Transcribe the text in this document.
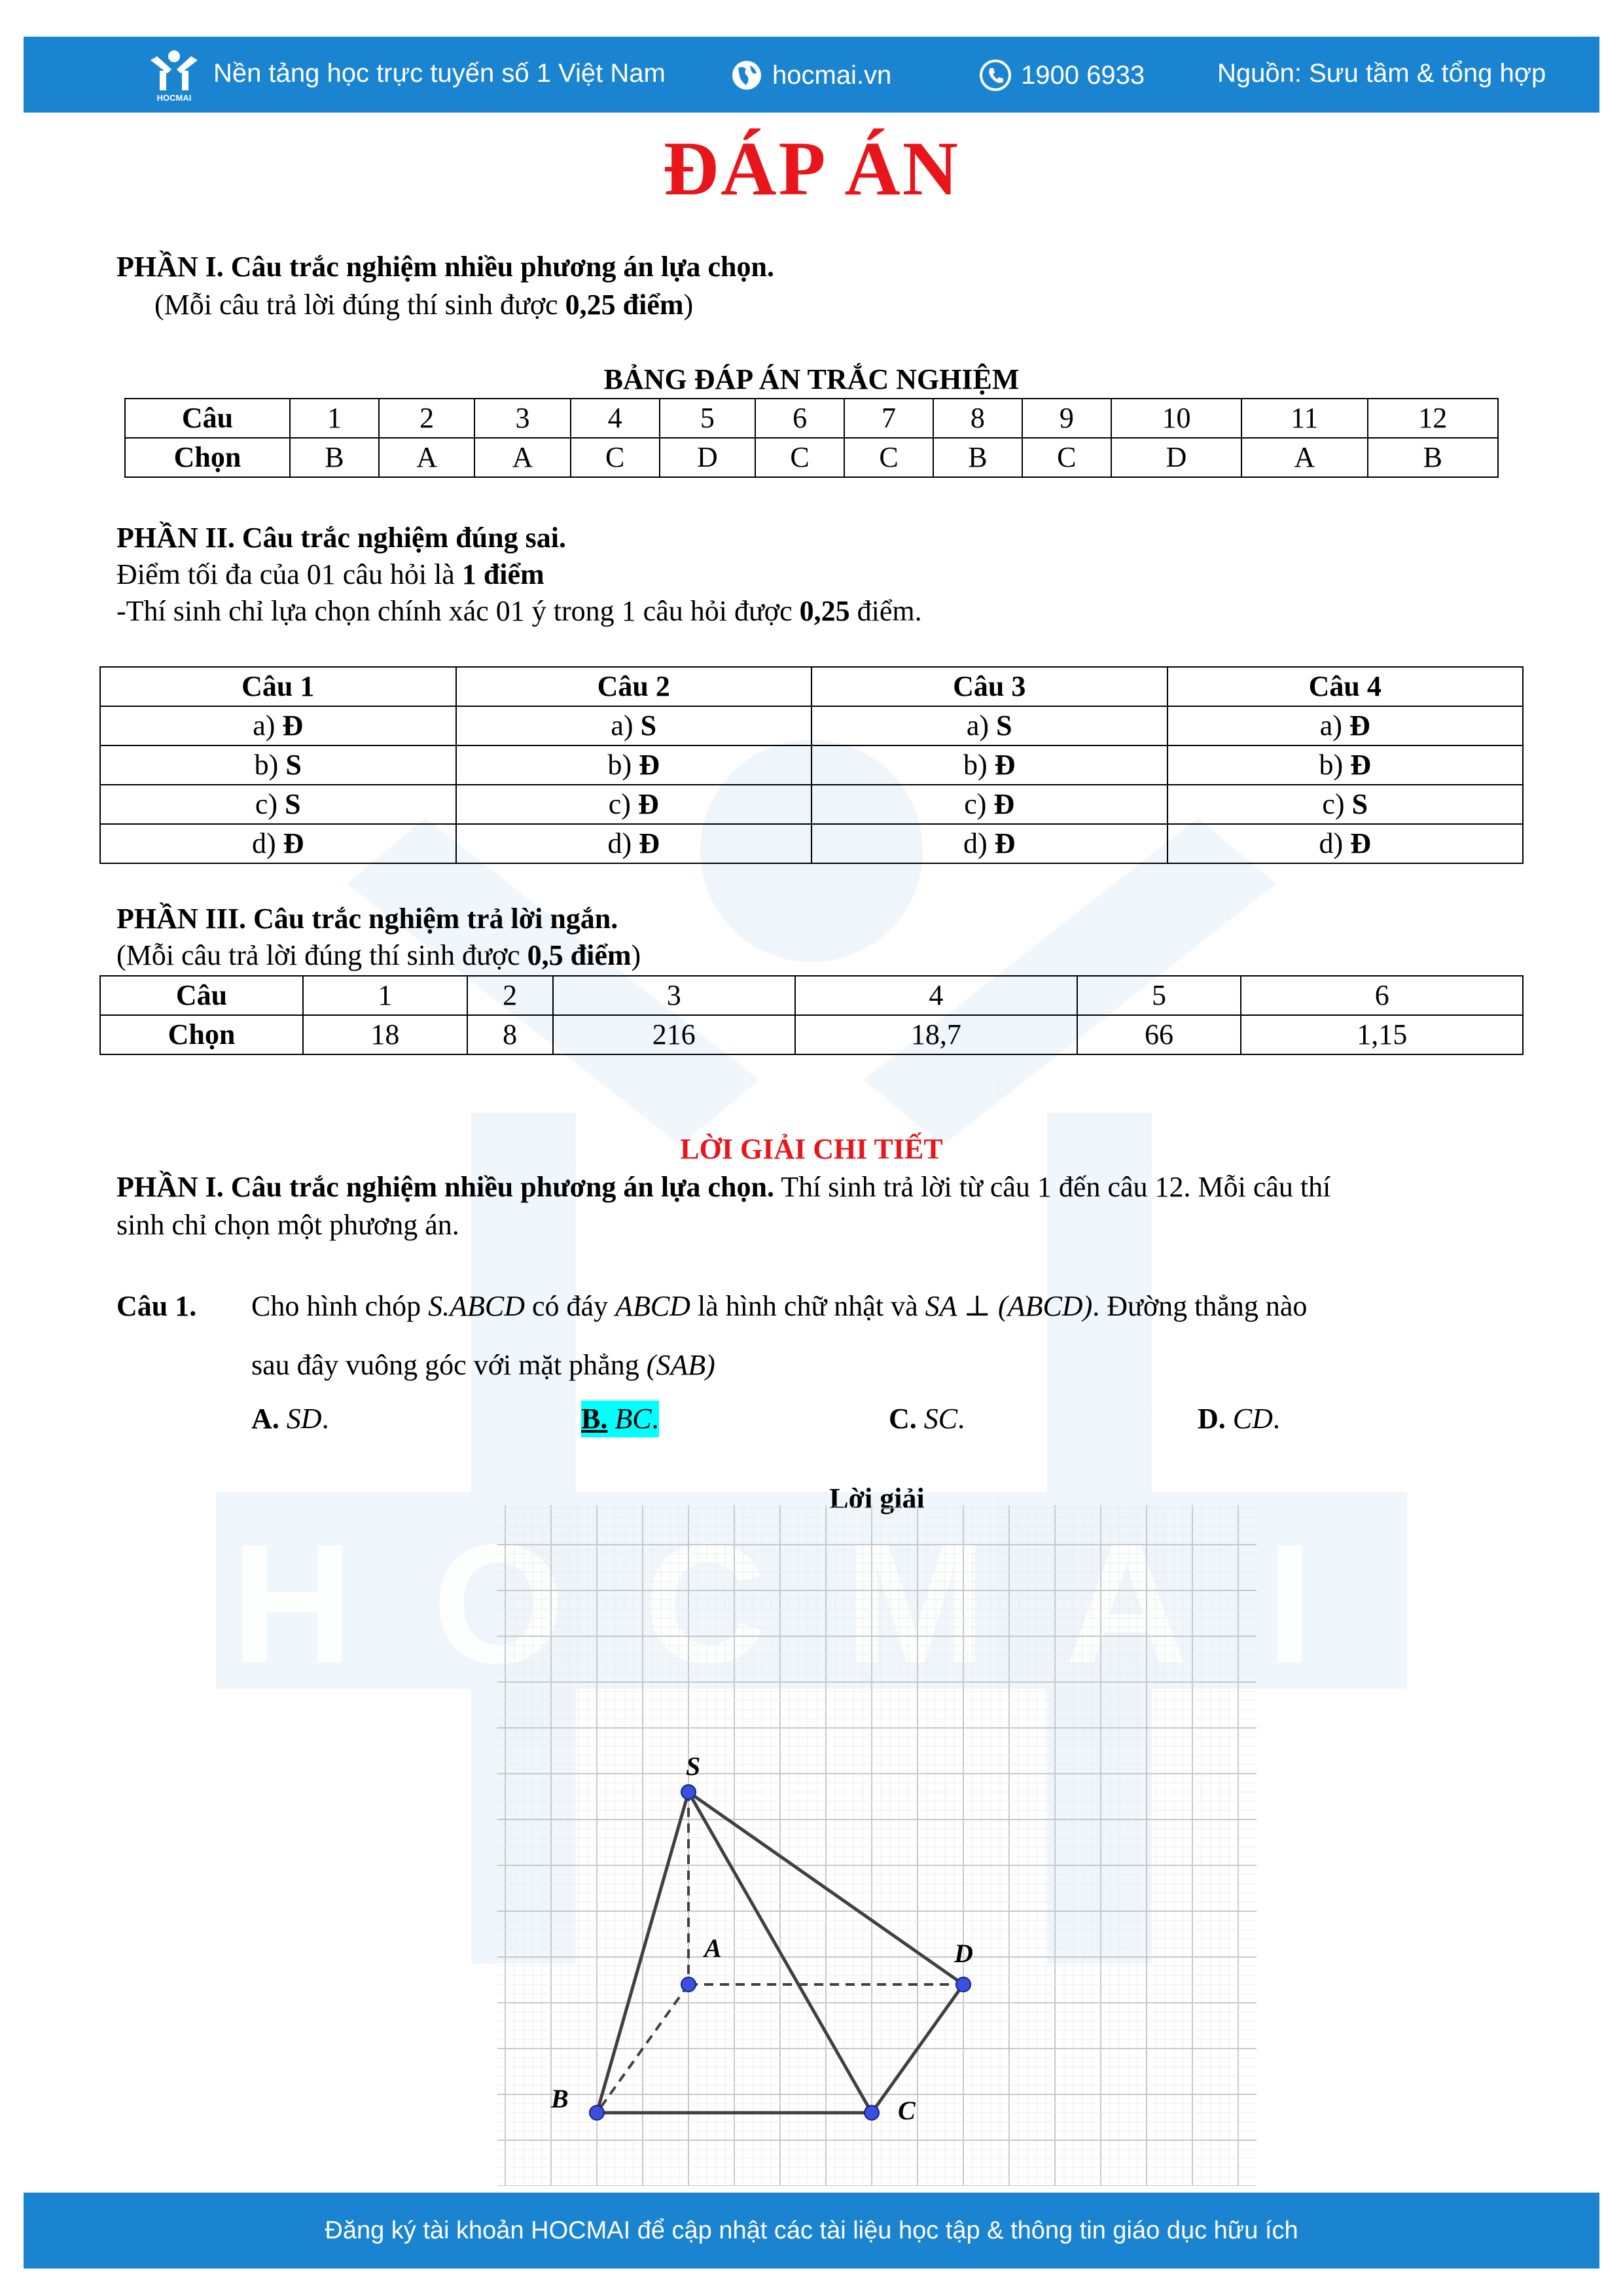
HOCMAI
HOCMAI
Nền tảng học trực tuyến số 1 Việt Nam	hocmai.vn	1900 6933	Nguồn: Sưu tầm & tổng hợp
ĐÁP ÁN
PHẦN I. Câu trắc nghiệm nhiều phương án lựa chọn.
(Mỗi câu trả lời đúng thí sinh được 0,25 điểm)
BẢNG ĐÁP ÁN TRẮC NGHIỆM
Câu	1	2	3	4	5	6	7	8	9	10	11	12
Chọn	B	A	A	C	D	C	C	B	C	D	A	B
PHẦN II. Câu trắc nghiệm đúng sai.
Điểm tối đa của 01 câu hỏi là 1 điểm
-Thí sinh chỉ lựa chọn chính xác 01 ý trong 1 câu hỏi được 0,25 điểm.
Câu 1	Câu 2	Câu 3	Câu 4
a) Đ	a) S	a) S	a) Đ
b) S	b) Đ	b) Đ	b) Đ
c) S	c) Đ	c) Đ	c) S
d) Đ	d) Đ	d) Đ	d) Đ
PHẦN III. Câu trắc nghiệm trả lời ngắn.
(Mỗi câu trả lời đúng thí sinh được 0,5 điểm)
Câu	1	2	3	4	5	6
Chọn	18	8	216	18,7	66	1,15
LỜI GIẢI CHI TIẾT
PHẦN I. Câu trắc nghiệm nhiều phương án lựa chọn. Thí sinh trả lời từ câu 1 đến câu 12. Mỗi câu thí
sinh chỉ chọn một phương án.
Câu 1. Cho hình chóp S.ABCD có đáy ABCD là hình chữ nhật và SA ⊥ (ABCD). Đường thẳng nào
sau đây vuông góc với mặt phẳng (SAB)
A. SD.	B. BC.	C. SC.	D. CD.
Lời giải
S
A
B	C
D
Đăng ký tài khoản HOCMAI để cập nhật các tài liệu học tập & thông tin giáo dục hữu ích
